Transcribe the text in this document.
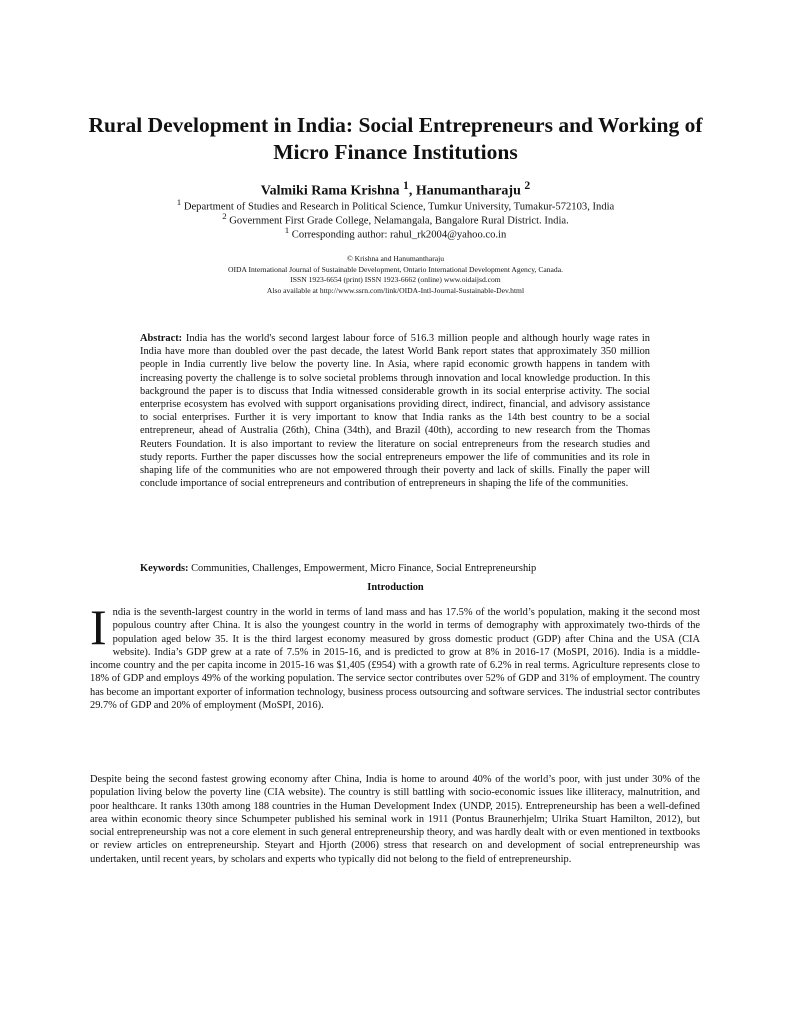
Rural Development in India: Social Entrepreneurs and Working of Micro Finance Institutions
Valmiki Rama Krishna $^1$, Hanumantharaju $^2$
$^1$ Department of Studies and Research in Political Science, Tumkur University, Tumakur-572103, India
$^2$ Government First Grade College, Nelamangala, Bangalore Rural District. India.
$^1$ Corresponding author: rahul_rk2004@yahoo.co.in
© Krishna and Hanumantharaju
OIDA International Journal of Sustainable Development, Ontario International Development Agency, Canada.
ISSN 1923-6654 (print) ISSN 1923-6662 (online) www.oidaijsd.com
Also available at http://www.ssrn.com/link/OIDA-Intl-Journal-Sustainable-Dev.html

Abstract: India has the world's second largest labour force of 516.3 million people and although hourly wage rates in India have more than doubled over the past decade, the latest World Bank report states that approximately 350 million people in India currently live below the poverty line. In Asia, where rapid economic growth happens in tandem with increasing poverty the challenge is to solve societal problems through innovation and local knowledge production. In this background the paper is to discuss that India witnessed considerable growth in its social enterprise activity. The social enterprise ecosystem has evolved with support organisations providing direct, indirect, financial, and advisory assistance to social enterprises. Further it is very important to know that India ranks as the 14th best country to be a social entrepreneur, ahead of Australia (26th), China (34th), and Brazil (40th), according to new research from the Thomas Reuters Foundation. It is also important to review the literature on social entrepreneurs from the research studies and study reports. Further the paper discusses how the social entrepreneurs empower the life of communities and its role in shaping life of the communities who are not empowered through their poverty and lack of skills. Finally the paper will conclude importance of social entrepreneurs and contribution of entrepreneurs in shaping the life of the communities.

Keywords: Communities, Challenges, Empowerment, Micro Finance, Social Entrepreneurship

Introduction

India is the seventh-largest country in the world in terms of land mass and has 17.5% of the world’s population, making it the second most populous country after China. It is also the youngest country in the world in terms of demography with approximately two-thirds of the population aged below 35. It is the third largest economy measured by gross domestic product (GDP) after China and the USA (CIA website). India’s GDP grew at a rate of 7.5% in 2015-16, and is predicted to grow at 8% in 2016-17 (MoSPI, 2016). India is a middle-income country and the per capita income in 2015-16 was $1,405 (£954) with a growth rate of 6.2% in real terms. Agriculture represents close to 18% of GDP and employs 49% of the working population. The service sector contributes over 52% of GDP and 31% of employment. The country has become an important exporter of information technology, business process outsourcing and software services. The industrial sector contributes 29.7% of GDP and 20% of employment (MoSPI, 2016).

Despite being the second fastest growing economy after China, India is home to around 40% of the world’s poor, with just under 30% of the population living below the poverty line (CIA website). The country is still battling with socio-economic issues like illiteracy, malnutrition, and poor healthcare. It ranks 130th among 188 countries in the Human Development Index (UNDP, 2015). Entrepreneurship has been a well-defined area within economic theory since Schumpeter published his seminal work in 1911 (Pontus Braunerhjelm; Ulrika Stuart Hamilton, 2012), but social entrepreneurship was not a core element in such general entrepreneurship theory, and was hardly dealt with or even mentioned in textbooks or review articles on entrepreneurship. Steyart and Hjorth (2006) stress that research on and development of social entrepreneurship was undertaken, until recent years, by scholars and experts who typically did not belong to the field of entrepreneurship.
